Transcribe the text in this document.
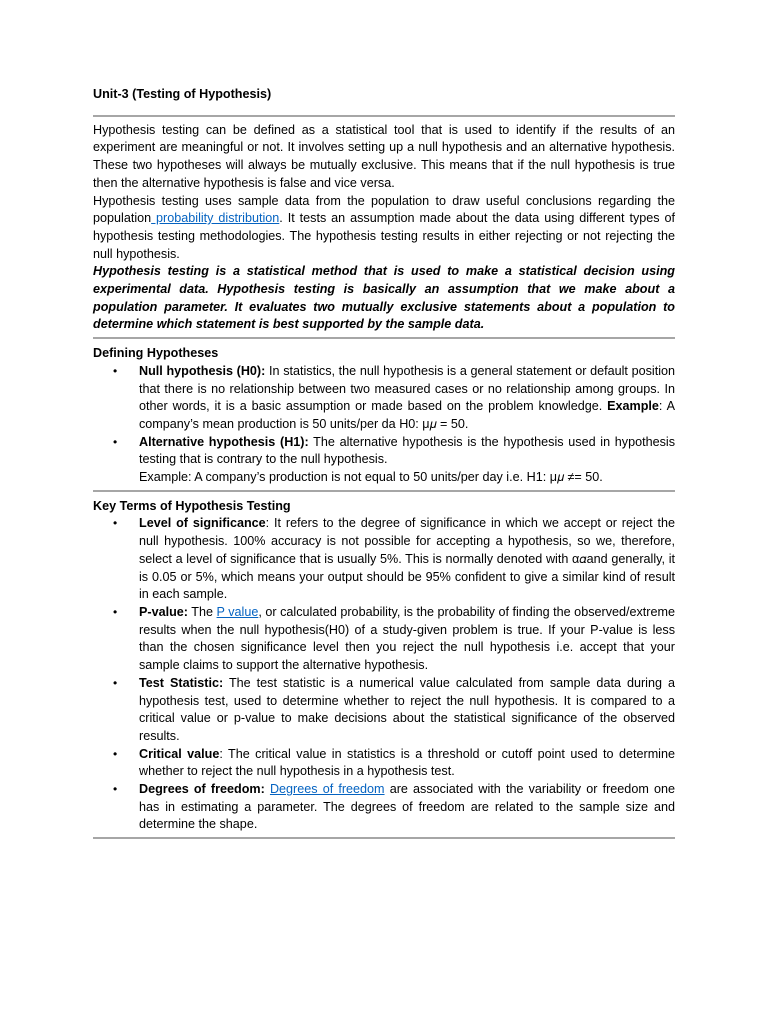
Unit-3 (Testing of Hypothesis)

Hypothesis testing can be defined as a statistical tool that is used to identify if the results of an experiment are meaningful or not. It involves setting up a null hypothesis and an alternative hypothesis. These two hypotheses will always be mutually exclusive. This means that if the null hypothesis is true then the alternative hypothesis is false and vice versa.

Hypothesis testing uses sample data from the population to draw useful conclusions regarding the population probability distribution. It tests an assumption made about the data using different types of hypothesis testing methodologies. The hypothesis testing results in either rejecting or not rejecting the null hypothesis.

Hypothesis testing is a statistical method that is used to make a statistical decision using experimental data. Hypothesis testing is basically an assumption that we make about a population parameter. It evaluates two mutually exclusive statements about a population to determine which statement is best supported by the sample data.

Defining Hypotheses
• Null hypothesis (H0): In statistics, the null hypothesis is a general statement or default position that there is no relationship between two measured cases or no relationship among groups. In other words, it is a basic assumption or made based on the problem knowledge. Example: A company’s mean production is 50 units/per da H0: μ𝜇 = 50.
• Alternative hypothesis (H1): The alternative hypothesis is the hypothesis used in hypothesis testing that is contrary to the null hypothesis.
Example: A company’s production is not equal to 50 units/per day i.e. H1: μ𝜇 ≠= 50.
Key Terms of Hypothesis Testing
• Level of significance: It refers to the degree of significance in which we accept or reject the null hypothesis. 100% accuracy is not possible for accepting a hypothesis, so we, therefore, select a level of significance that is usually 5%. This is normally denoted with α𝛼and generally, it is 0.05 or 5%, which means your output should be 95% confident to give a similar kind of result in each sample.
• P-value: The P value, or calculated probability, is the probability of finding the observed/extreme results when the null hypothesis(H0) of a study-given problem is true. If your P-value is less than the chosen significance level then you reject the null hypothesis i.e. accept that your sample claims to support the alternative hypothesis.
• Test Statistic: The test statistic is a numerical value calculated from sample data during a hypothesis test, used to determine whether to reject the null hypothesis. It is compared to a critical value or p-value to make decisions about the statistical significance of the observed results.
• Critical value: The critical value in statistics is a threshold or cutoff point used to determine whether to reject the null hypothesis in a hypothesis test.
• Degrees of freedom: Degrees of freedom are associated with the variability or freedom one has in estimating a parameter. The degrees of freedom are related to the sample size and determine the shape.
